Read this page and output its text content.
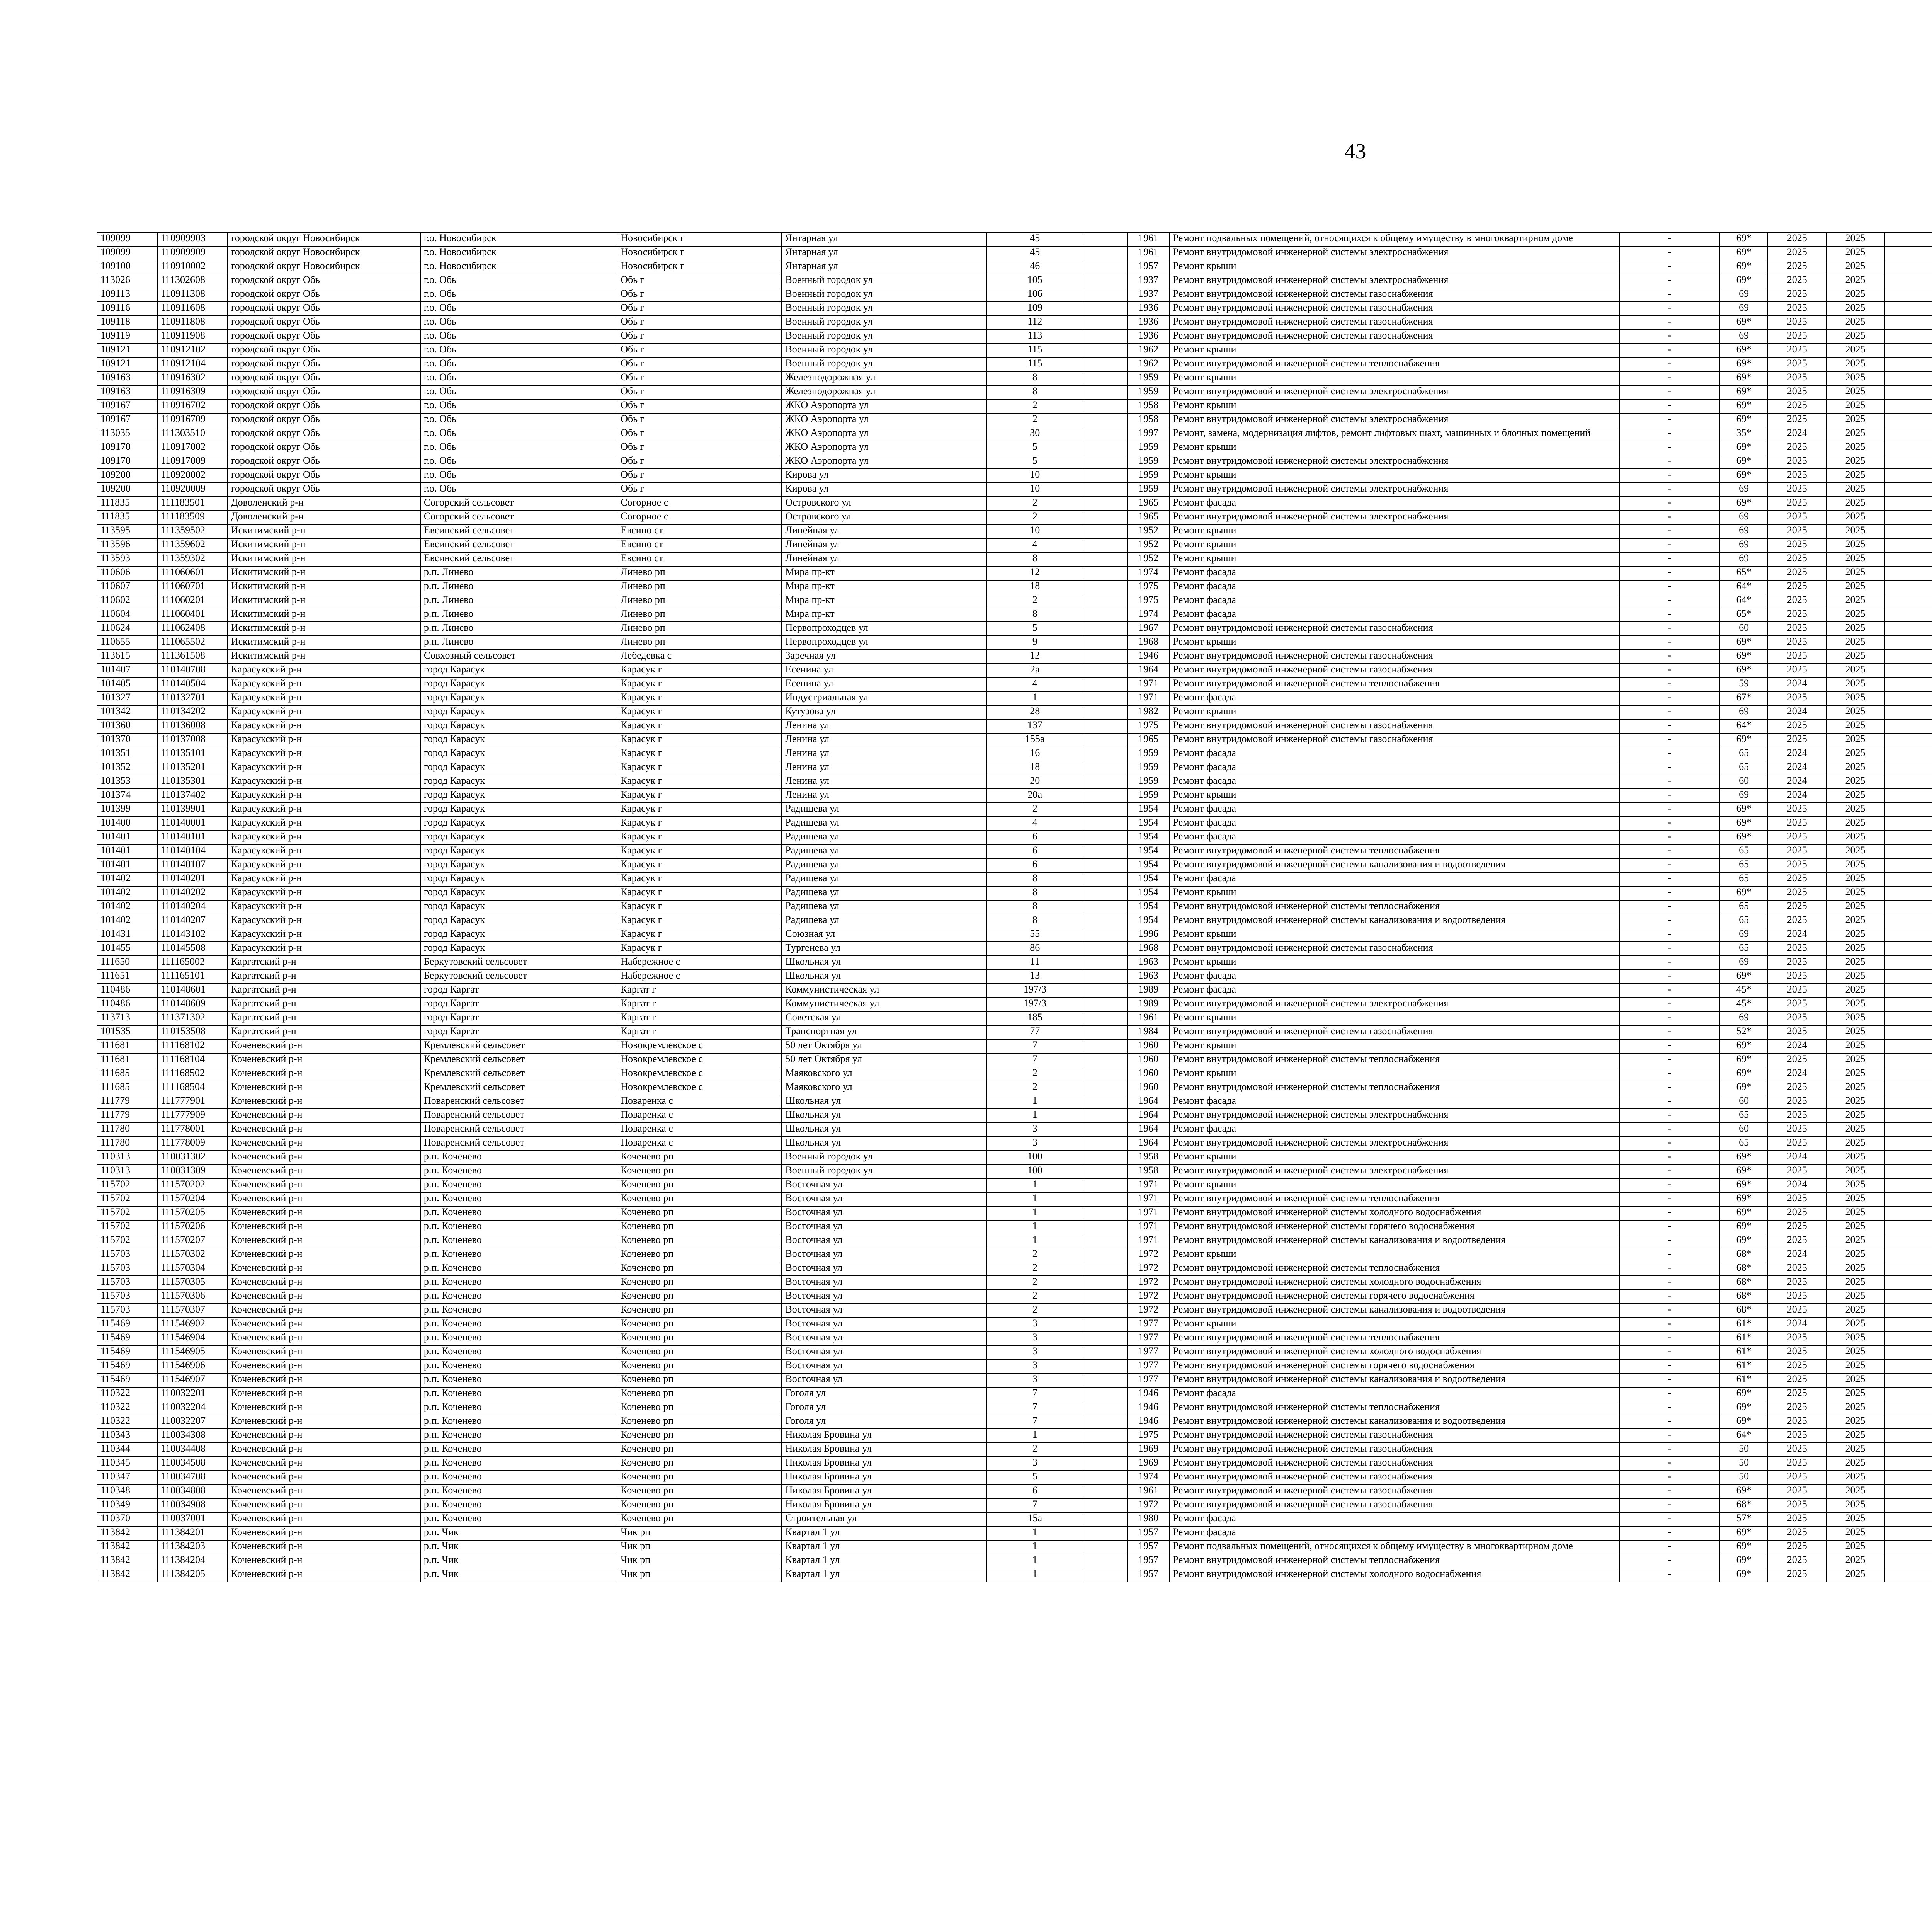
43
109099	110909903	городской округ Новосибирск	г.о. Новосибирск	Новосибирск г	Янтарная ул	45		1961	Ремонт подвальных помещений, относящихся к общему имуществу в многоквартирном доме	-	69*	2025	2025								
109099	110909909	городской округ Новосибирск	г.о. Новосибирск	Новосибирск г	Янтарная ул	45		1961	Ремонт внутридомовой инженерной системы электроснабжения	-	69*	2025	2025								
109100	110910002	городской округ Новосибирск	г.о. Новосибирск	Новосибирск г	Янтарная ул	46		1957	Ремонт крыши	-	69*	2025	2025								
113026	111302608	городской округ Обь	г.о. Обь	Обь г	Военный городок ул	105		1937	Ремонт внутридомовой инженерной системы электроснабжения	-	69*	2025	2025								
109113	110911308	городской округ Обь	г.о. Обь	Обь г	Военный городок ул	106		1937	Ремонт внутридомовой инженерной системы газоснабжения	-	69	2025	2025								
109116	110911608	городской округ Обь	г.о. Обь	Обь г	Военный городок ул	109		1936	Ремонт внутридомовой инженерной системы газоснабжения	-	69	2025	2025								
109118	110911808	городской округ Обь	г.о. Обь	Обь г	Военный городок ул	112		1936	Ремонт внутридомовой инженерной системы газоснабжения	-	69*	2025	2025								
109119	110911908	городской округ Обь	г.о. Обь	Обь г	Военный городок ул	113		1936	Ремонт внутридомовой инженерной системы газоснабжения	-	69	2025	2025								
109121	110912102	городской округ Обь	г.о. Обь	Обь г	Военный городок ул	115		1962	Ремонт крыши	-	69*	2025	2025								
109121	110912104	городской округ Обь	г.о. Обь	Обь г	Военный городок ул	115		1962	Ремонт внутридомовой инженерной системы теплоснабжения	-	69*	2025	2025								
109163	110916302	городской округ Обь	г.о. Обь	Обь г	Железнодорожная ул	8		1959	Ремонт крыши	-	69*	2025	2025								
109163	110916309	городской округ Обь	г.о. Обь	Обь г	Железнодорожная ул	8		1959	Ремонт внутридомовой инженерной системы электроснабжения	-	69*	2025	2025								
109167	110916702	городской округ Обь	г.о. Обь	Обь г	ЖКО Аэропорта ул	2		1958	Ремонт крыши	-	69*	2025	2025								
109167	110916709	городской округ Обь	г.о. Обь	Обь г	ЖКО Аэропорта ул	2		1958	Ремонт внутридомовой инженерной системы электроснабжения	-	69*	2025	2025								
113035	111303510	городской округ Обь	г.о. Обь	Обь г	ЖКО Аэропорта ул	30		1997	Ремонт, замена, модернизация лифтов, ремонт лифтовых шахт, машинных и блочных помещений	-	35*	2024	2025								
109170	110917002	городской округ Обь	г.о. Обь	Обь г	ЖКО Аэропорта ул	5		1959	Ремонт крыши	-	69*	2025	2025								
109170	110917009	городской округ Обь	г.о. Обь	Обь г	ЖКО Аэропорта ул	5		1959	Ремонт внутридомовой инженерной системы электроснабжения	-	69*	2025	2025								
109200	110920002	городской округ Обь	г.о. Обь	Обь г	Кирова ул	10		1959	Ремонт крыши	-	69*	2025	2025								
109200	110920009	городской округ Обь	г.о. Обь	Обь г	Кирова ул	10		1959	Ремонт внутридомовой инженерной системы электроснабжения	-	69	2025	2025								
111835	111183501	Доволенский р-н	Согорский сельсовет	Согорное с	Островского ул	2		1965	Ремонт фасада	-	69*	2025	2025								
111835	111183509	Доволенский р-н	Согорский сельсовет	Согорное с	Островского ул	2		1965	Ремонт внутридомовой инженерной системы электроснабжения	-	69	2025	2025								
113595	111359502	Искитимский р-н	Евсинский сельсовет	Евсино ст	Линейная ул	10		1952	Ремонт крыши	-	69	2025	2025								
113596	111359602	Искитимский р-н	Евсинский сельсовет	Евсино ст	Линейная ул	4		1952	Ремонт крыши	-	69	2025	2025								
113593	111359302	Искитимский р-н	Евсинский сельсовет	Евсино ст	Линейная ул	8		1952	Ремонт крыши	-	69	2025	2025								
110606	111060601	Искитимский р-н	р.п. Линево	Линево рп	Мира пр-кт	12		1974	Ремонт фасада	-	65*	2025	2025								
110607	111060701	Искитимский р-н	р.п. Линево	Линево рп	Мира пр-кт	18		1975	Ремонт фасада	-	64*	2025	2025								
110602	111060201	Искитимский р-н	р.п. Линево	Линево рп	Мира пр-кт	2		1975	Ремонт фасада	-	64*	2025	2025								
110604	111060401	Искитимский р-н	р.п. Линево	Линево рп	Мира пр-кт	8		1974	Ремонт фасада	-	65*	2025	2025								
110624	111062408	Искитимский р-н	р.п. Линево	Линево рп	Первопроходцев ул	5		1967	Ремонт внутридомовой инженерной системы газоснабжения	-	60	2025	2025								
110655	111065502	Искитимский р-н	р.п. Линево	Линево рп	Первопроходцев ул	9		1968	Ремонт крыши	-	69*	2025	2025								
113615	111361508	Искитимский р-н	Совхозный сельсовет	Лебедевка с	Заречная ул	12		1946	Ремонт внутридомовой инженерной системы газоснабжения	-	69*	2025	2025								
101407	110140708	Карасукский р-н	город Карасук	Карасук г	Есенина ул	2а		1964	Ремонт внутридомовой инженерной системы газоснабжения	-	69*	2025	2025								
101405	110140504	Карасукский р-н	город Карасук	Карасук г	Есенина ул	4		1971	Ремонт внутридомовой инженерной системы теплоснабжения	-	59	2024	2025								
101327	110132701	Карасукский р-н	город Карасук	Карасук г	Индустриальная ул	1		1971	Ремонт фасада	-	67*	2025	2025								
101342	110134202	Карасукский р-н	город Карасук	Карасук г	Кутузова ул	28		1982	Ремонт крыши	-	69	2024	2025								
101360	110136008	Карасукский р-н	город Карасук	Карасук г	Ленина ул	137		1975	Ремонт внутридомовой инженерной системы газоснабжения	-	64*	2025	2025								
101370	110137008	Карасукский р-н	город Карасук	Карасук г	Ленина ул	155а		1965	Ремонт внутридомовой инженерной системы газоснабжения	-	69*	2025	2025								
101351	110135101	Карасукский р-н	город Карасук	Карасук г	Ленина ул	16		1959	Ремонт фасада	-	65	2024	2025								
101352	110135201	Карасукский р-н	город Карасук	Карасук г	Ленина ул	18		1959	Ремонт фасада	-	65	2024	2025								
101353	110135301	Карасукский р-н	город Карасук	Карасук г	Ленина ул	20		1959	Ремонт фасада	-	60	2024	2025								
101374	110137402	Карасукский р-н	город Карасук	Карасук г	Ленина ул	20а		1959	Ремонт крыши	-	69	2024	2025								
101399	110139901	Карасукский р-н	город Карасук	Карасук г	Радищева ул	2		1954	Ремонт фасада	-	69*	2025	2025								
101400	110140001	Карасукский р-н	город Карасук	Карасук г	Радищева ул	4		1954	Ремонт фасада	-	69*	2025	2025								
101401	110140101	Карасукский р-н	город Карасук	Карасук г	Радищева ул	6		1954	Ремонт фасада	-	69*	2025	2025								
101401	110140104	Карасукский р-н	город Карасук	Карасук г	Радищева ул	6		1954	Ремонт внутридомовой инженерной системы теплоснабжения	-	65	2025	2025								
101401	110140107	Карасукский р-н	город Карасук	Карасук г	Радищева ул	6		1954	Ремонт внутридомовой инженерной системы канализования и водоотведения	-	65	2025	2025								
101402	110140201	Карасукский р-н	город Карасук	Карасук г	Радищева ул	8		1954	Ремонт фасада	-	65	2025	2025								
101402	110140202	Карасукский р-н	город Карасук	Карасук г	Радищева ул	8		1954	Ремонт крыши	-	69*	2025	2025								
101402	110140204	Карасукский р-н	город Карасук	Карасук г	Радищева ул	8		1954	Ремонт внутридомовой инженерной системы теплоснабжения	-	65	2025	2025								
101402	110140207	Карасукский р-н	город Карасук	Карасук г	Радищева ул	8		1954	Ремонт внутридомовой инженерной системы канализования и водоотведения	-	65	2025	2025								
101431	110143102	Карасукский р-н	город Карасук	Карасук г	Союзная ул	55		1996	Ремонт крыши	-	69	2024	2025								
101455	110145508	Карасукский р-н	город Карасук	Карасук г	Тургенева ул	86		1968	Ремонт внутридомовой инженерной системы газоснабжения	-	65	2025	2025								
111650	111165002	Каргатский р-н	Беркутовский сельсовет	Набережное с	Школьная ул	11		1963	Ремонт крыши	-	69	2025	2025								
111651	111165101	Каргатский р-н	Беркутовский сельсовет	Набережное с	Школьная ул	13		1963	Ремонт фасада	-	69*	2025	2025								
110486	110148601	Каргатский р-н	город Каргат	Каргат г	Коммунистическая ул	197/3		1989	Ремонт фасада	-	45*	2025	2025								
110486	110148609	Каргатский р-н	город Каргат	Каргат г	Коммунистическая ул	197/3		1989	Ремонт внутридомовой инженерной системы электроснабжения	-	45*	2025	2025								
113713	111371302	Каргатский р-н	город Каргат	Каргат г	Советская ул	185		1961	Ремонт крыши	-	69	2025	2025								
101535	110153508	Каргатский р-н	город Каргат	Каргат г	Транспортная ул	77		1984	Ремонт внутридомовой инженерной системы газоснабжения	-	52*	2025	2025								
111681	111168102	Коченевский р-н	Кремлевский сельсовет	Новокремлевское с	50 лет Октября ул	7		1960	Ремонт крыши	-	69*	2024	2025								
111681	111168104	Коченевский р-н	Кремлевский сельсовет	Новокремлевское с	50 лет Октября ул	7		1960	Ремонт внутридомовой инженерной системы теплоснабжения	-	69*	2025	2025								
111685	111168502	Коченевский р-н	Кремлевский сельсовет	Новокремлевское с	Маяковского ул	2		1960	Ремонт крыши	-	69*	2024	2025								
111685	111168504	Коченевский р-н	Кремлевский сельсовет	Новокремлевское с	Маяковского ул	2		1960	Ремонт внутридомовой инженерной системы теплоснабжения	-	69*	2025	2025								
111779	111777901	Коченевский р-н	Поваренский сельсовет	Поваренка с	Школьная ул	1		1964	Ремонт фасада	-	60	2025	2025								
111779	111777909	Коченевский р-н	Поваренский сельсовет	Поваренка с	Школьная ул	1		1964	Ремонт внутридомовой инженерной системы электроснабжения	-	65	2025	2025								
111780	111778001	Коченевский р-н	Поваренский сельсовет	Поваренка с	Школьная ул	3		1964	Ремонт фасада	-	60	2025	2025								
111780	111778009	Коченевский р-н	Поваренский сельсовет	Поваренка с	Школьная ул	3		1964	Ремонт внутридомовой инженерной системы электроснабжения	-	65	2025	2025								
110313	110031302	Коченевский р-н	р.п. Коченево	Коченево рп	Военный городок ул	100		1958	Ремонт крыши	-	69*	2024	2025								
110313	110031309	Коченевский р-н	р.п. Коченево	Коченево рп	Военный городок ул	100		1958	Ремонт внутридомовой инженерной системы электроснабжения	-	69*	2025	2025								
115702	111570202	Коченевский р-н	р.п. Коченево	Коченево рп	Восточная ул	1		1971	Ремонт крыши	-	69*	2024	2025								
115702	111570204	Коченевский р-н	р.п. Коченево	Коченево рп	Восточная ул	1		1971	Ремонт внутридомовой инженерной системы теплоснабжения	-	69*	2025	2025								
115702	111570205	Коченевский р-н	р.п. Коченево	Коченево рп	Восточная ул	1		1971	Ремонт внутридомовой инженерной системы холодного водоснабжения	-	69*	2025	2025								
115702	111570206	Коченевский р-н	р.п. Коченево	Коченево рп	Восточная ул	1		1971	Ремонт внутридомовой инженерной системы горячего водоснабжения	-	69*	2025	2025								
115702	111570207	Коченевский р-н	р.п. Коченево	Коченево рп	Восточная ул	1		1971	Ремонт внутридомовой инженерной системы канализования и водоотведения	-	69*	2025	2025								
115703	111570302	Коченевский р-н	р.п. Коченево	Коченево рп	Восточная ул	2		1972	Ремонт крыши	-	68*	2024	2025								
115703	111570304	Коченевский р-н	р.п. Коченево	Коченево рп	Восточная ул	2		1972	Ремонт внутридомовой инженерной системы теплоснабжения	-	68*	2025	2025								
115703	111570305	Коченевский р-н	р.п. Коченево	Коченево рп	Восточная ул	2		1972	Ремонт внутридомовой инженерной системы холодного водоснабжения	-	68*	2025	2025								
115703	111570306	Коченевский р-н	р.п. Коченево	Коченево рп	Восточная ул	2		1972	Ремонт внутридомовой инженерной системы горячего водоснабжения	-	68*	2025	2025								
115703	111570307	Коченевский р-н	р.п. Коченево	Коченево рп	Восточная ул	2		1972	Ремонт внутридомовой инженерной системы канализования и водоотведения	-	68*	2025	2025								
115469	111546902	Коченевский р-н	р.п. Коченево	Коченево рп	Восточная ул	3		1977	Ремонт крыши	-	61*	2024	2025								
115469	111546904	Коченевский р-н	р.п. Коченево	Коченево рп	Восточная ул	3		1977	Ремонт внутридомовой инженерной системы теплоснабжения	-	61*	2025	2025								
115469	111546905	Коченевский р-н	р.п. Коченево	Коченево рп	Восточная ул	3		1977	Ремонт внутридомовой инженерной системы холодного водоснабжения	-	61*	2025	2025								
115469	111546906	Коченевский р-н	р.п. Коченево	Коченево рп	Восточная ул	3		1977	Ремонт внутридомовой инженерной системы горячего водоснабжения	-	61*	2025	2025								
115469	111546907	Коченевский р-н	р.п. Коченево	Коченево рп	Восточная ул	3		1977	Ремонт внутридомовой инженерной системы канализования и водоотведения	-	61*	2025	2025								
110322	110032201	Коченевский р-н	р.п. Коченево	Коченево рп	Гоголя ул	7		1946	Ремонт фасада	-	69*	2025	2025								
110322	110032204	Коченевский р-н	р.п. Коченево	Коченево рп	Гоголя ул	7		1946	Ремонт внутридомовой инженерной системы теплоснабжения	-	69*	2025	2025								
110322	110032207	Коченевский р-н	р.п. Коченево	Коченево рп	Гоголя ул	7		1946	Ремонт внутридомовой инженерной системы канализования и водоотведения	-	69*	2025	2025								
110343	110034308	Коченевский р-н	р.п. Коченево	Коченево рп	Николая Бровина ул	1		1975	Ремонт внутридомовой инженерной системы газоснабжения	-	64*	2025	2025								
110344	110034408	Коченевский р-н	р.п. Коченево	Коченево рп	Николая Бровина ул	2		1969	Ремонт внутридомовой инженерной системы газоснабжения	-	50	2025	2025								
110345	110034508	Коченевский р-н	р.п. Коченево	Коченево рп	Николая Бровина ул	3		1969	Ремонт внутридомовой инженерной системы газоснабжения	-	50	2025	2025								
110347	110034708	Коченевский р-н	р.п. Коченево	Коченево рп	Николая Бровина ул	5		1974	Ремонт внутридомовой инженерной системы газоснабжения	-	50	2025	2025								
110348	110034808	Коченевский р-н	р.п. Коченево	Коченево рп	Николая Бровина ул	6		1961	Ремонт внутридомовой инженерной системы газоснабжения	-	69*	2025	2025								
110349	110034908	Коченевский р-н	р.п. Коченево	Коченево рп	Николая Бровина ул	7		1972	Ремонт внутридомовой инженерной системы газоснабжения	-	68*	2025	2025								
110370	110037001	Коченевский р-н	р.п. Коченево	Коченево рп	Строительная ул	15а		1980	Ремонт фасада	-	57*	2025	2025								
113842	111384201	Коченевский р-н	р.п. Чик	Чик рп	Квартал 1 ул	1		1957	Ремонт фасада	-	69*	2025	2025								
113842	111384203	Коченевский р-н	р.п. Чик	Чик рп	Квартал 1 ул	1		1957	Ремонт подвальных помещений, относящихся к общему имуществу в многоквартирном доме	-	69*	2025	2025								
113842	111384204	Коченевский р-н	р.п. Чик	Чик рп	Квартал 1 ул	1		1957	Ремонт внутридомовой инженерной системы теплоснабжения	-	69*	2025	2025								
113842	111384205	Коченевский р-н	р.п. Чик	Чик рп	Квартал 1 ул	1		1957	Ремонт внутридомовой инженерной системы холодного водоснабжения	-	69*	2025	2025								
